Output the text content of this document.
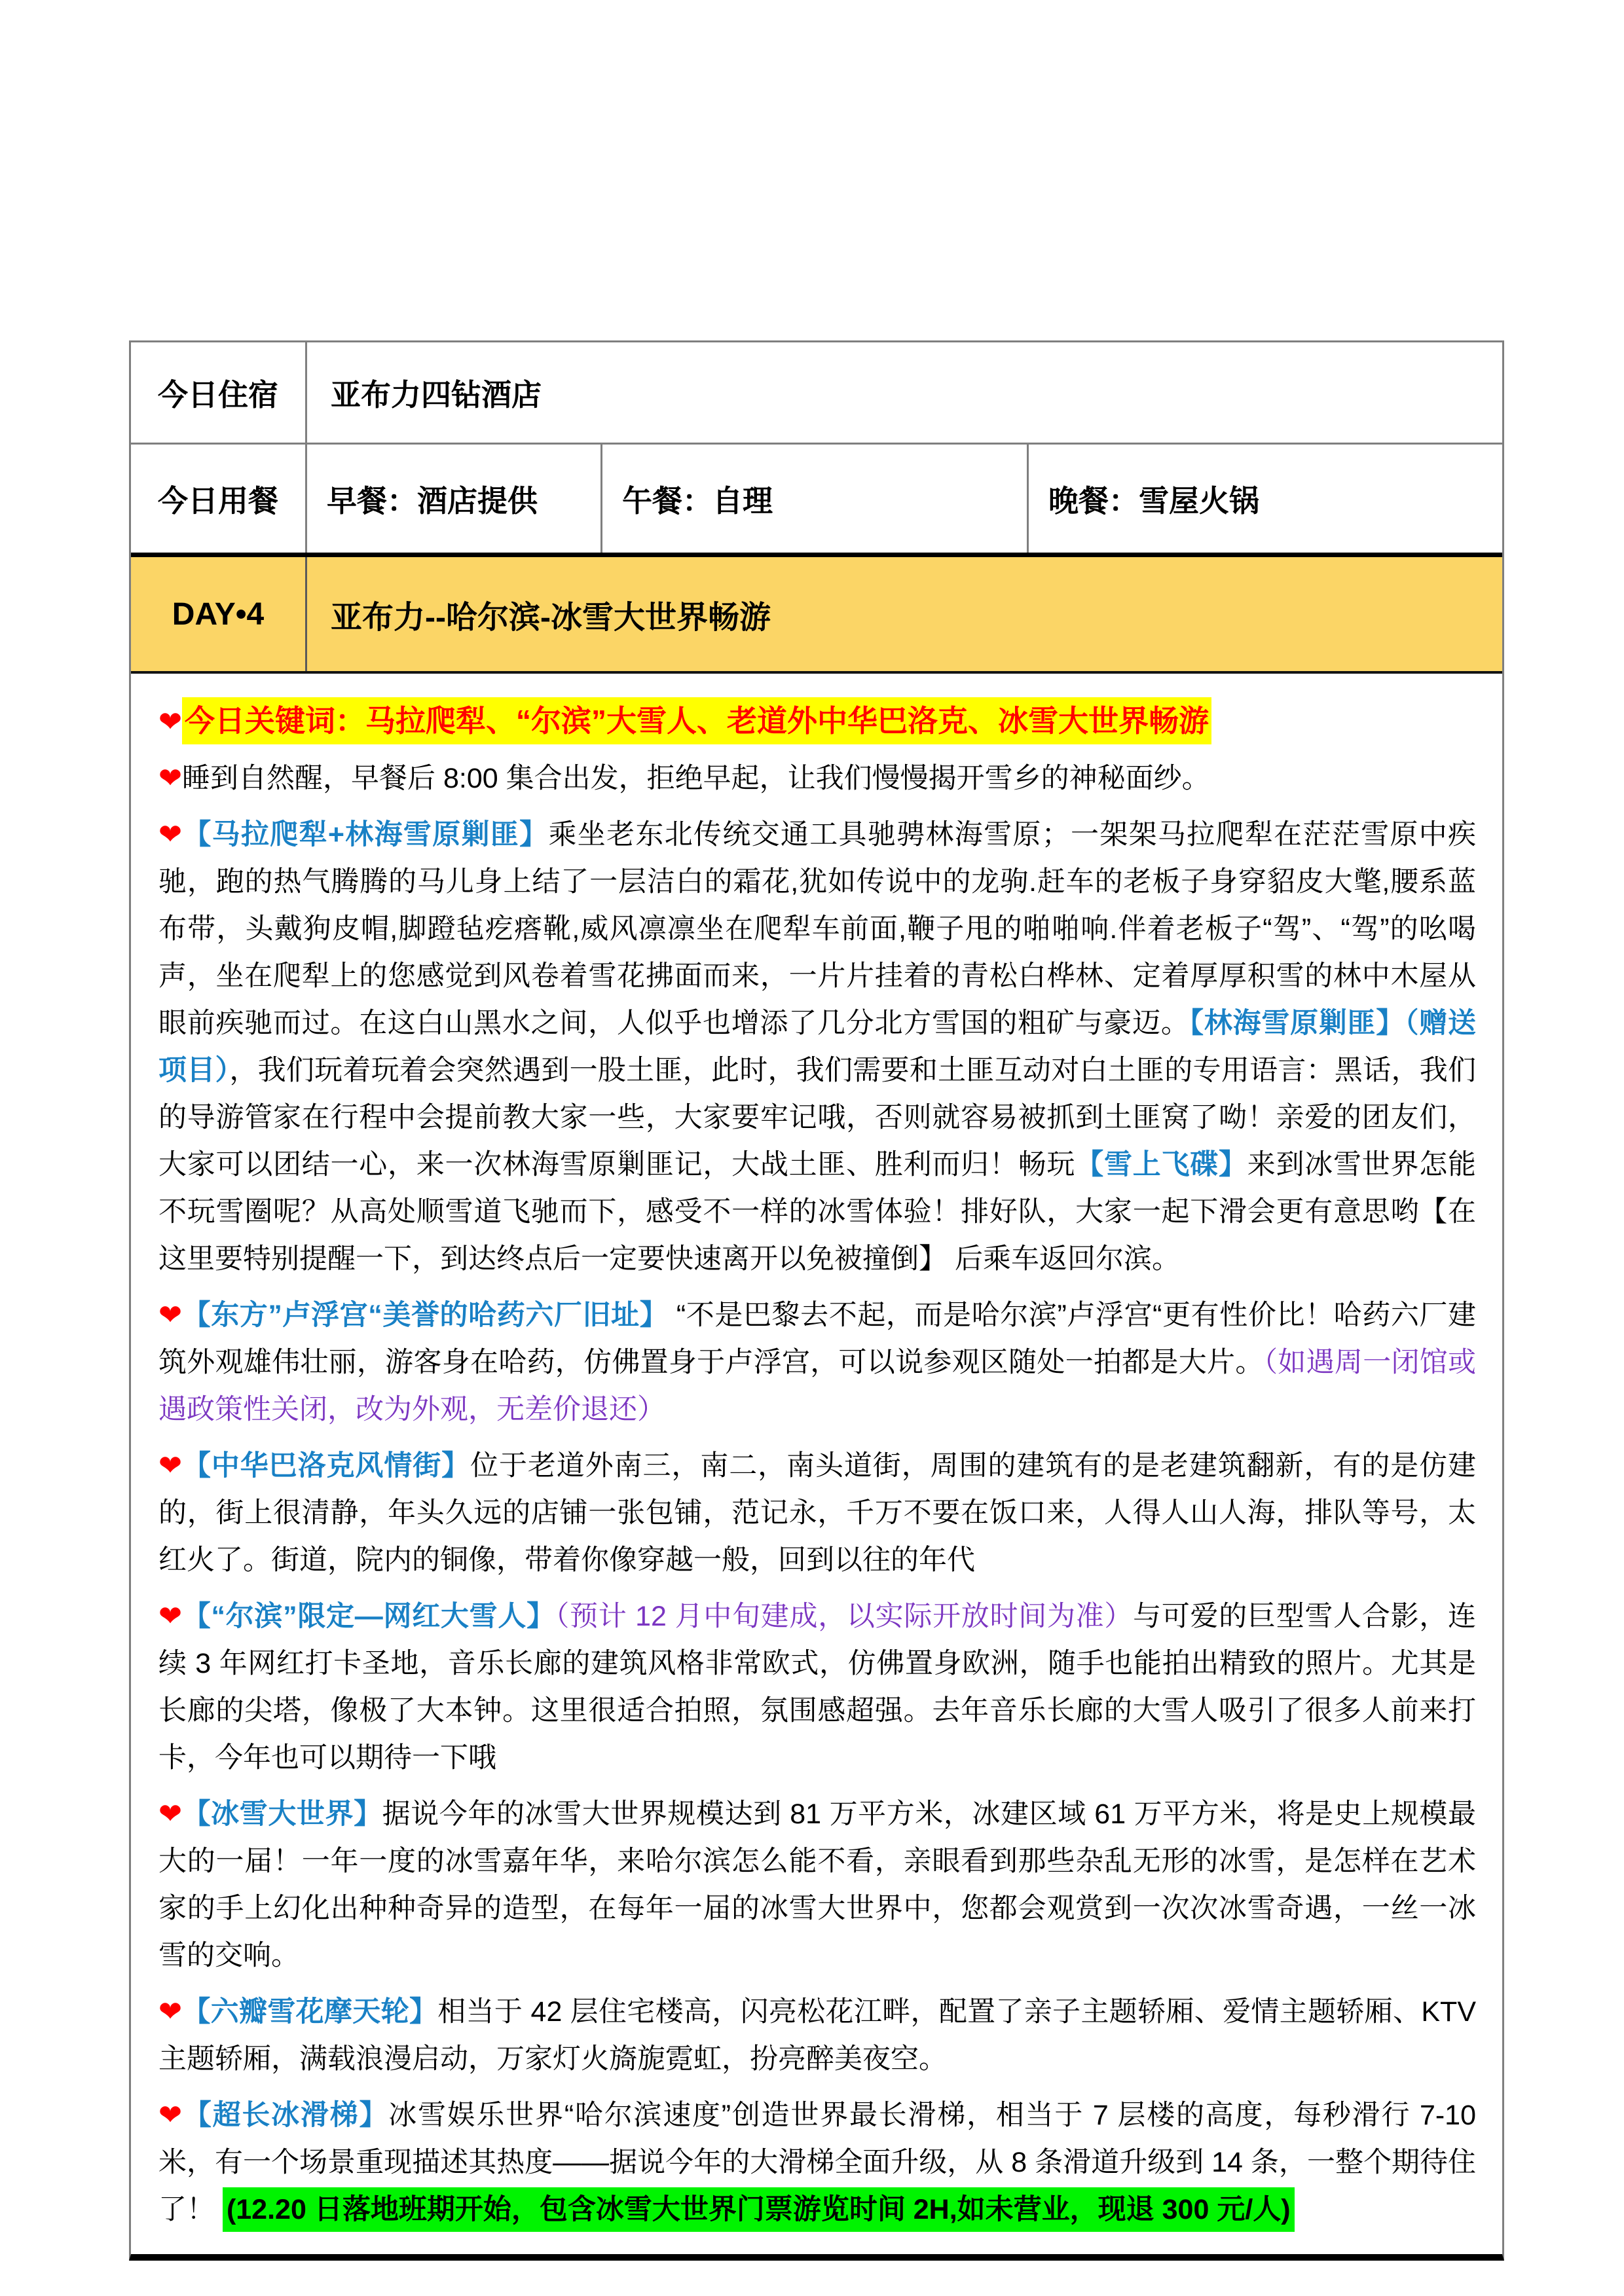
今日住宿	亚布力四钻酒店
今日用餐	早餐：酒店提供	午餐：自理	晚餐：雪屋火锅
DAY•4	亚布力--哈尔滨-冰雪大世界畅游

❤今日关键词：马拉爬犁、“尔滨”大雪人、老道外中华巴洛克、冰雪大世界畅游

❤睡到自然醒，早餐后 8:00 集合出发，拒绝早起，让我们慢慢揭开雪乡的神秘面纱。

❤【马拉爬犁+林海雪原剿匪】乘坐老东北传统交通工具驰骋林海雪原；一架架马拉爬犁在茫茫雪原中疾驰，跑的热气腾腾的马儿身上结了一层洁白的霜花,犹如传说中的龙驹.赶车的老板子身穿貂皮大氅,腰系蓝布带，头戴狗皮帽,脚蹬毡疙瘩靴,威风凛凛坐在爬犁车前面,鞭子甩的啪啪响.伴着老板子“驾”、“驾”的吆喝声，坐在爬犁上的您感觉到风卷着雪花拂面而来，一片片挂着的青松白桦林、定着厚厚积雪的林中木屋从眼前疾驰而过。在这白山黑水之间，人似乎也增添了几分北方雪国的粗矿与豪迈。【林海雪原剿匪】（赠送项目），我们玩着玩着会突然遇到一股土匪，此时，我们需要和土匪互动对白土匪的专用语言：黑话，我们的导游管家在行程中会提前教大家一些，大家要牢记哦，否则就容易被抓到土匪窝了呦！亲爱的团友们，大家可以团结一心，来一次林海雪原剿匪记，大战土匪、胜利而归！畅玩【雪上飞碟】来到冰雪世界怎能不玩雪圈呢？从高处顺雪道飞驰而下，感受不一样的冰雪体验！排好队，大家一起下滑会更有意思哟【在这里要特别提醒一下，到达终点后一定要快速离开以免被撞倒】 后乘车返回尔滨。

❤【东方”卢浮宫“美誉的哈药六厂旧址】 “不是巴黎去不起，而是哈尔滨”卢浮宫“更有性价比！哈药六厂建筑外观雄伟壮丽，游客身在哈药，仿佛置身于卢浮宫，可以说参观区随处一拍都是大片。（如遇周一闭馆或遇政策性关闭，改为外观，无差价退还）

❤【中华巴洛克风情街】位于老道外南三，南二，南头道街，周围的建筑有的是老建筑翻新，有的是仿建的，街上很清静，年头久远的店铺一张包铺，范记永，千万不要在饭口来，人得人山人海，排队等号，太红火了。街道，院内的铜像，带着你像穿越一般，回到以往的年代

❤【“尔滨”限定—网红大雪人】（预计 12 月中旬建成，以实际开放时间为准）与可爱的巨型雪人合影，连续 3 年网红打卡圣地，音乐长廊的建筑风格非常欧式，仿佛置身欧洲，随手也能拍出精致的照片。尤其是长廊的尖塔，像极了大本钟。这里很适合拍照，氛围感超强。去年音乐长廊的大雪人吸引了很多人前来打卡，今年也可以期待一下哦

❤【冰雪大世界】据说今年的冰雪大世界规模达到 81 万平方米，冰建区域 61 万平方米，将是史上规模最大的一届！一年一度的冰雪嘉年华，来哈尔滨怎么能不看，亲眼看到那些杂乱无形的冰雪，是怎样在艺术家的手上幻化出种种奇异的造型，在每年一届的冰雪大世界中，您都会观赏到一次次冰雪奇遇，一丝一冰雪的交响。

❤【六瓣雪花摩天轮】相当于 42 层住宅楼高，闪亮松花江畔，配置了亲子主题轿厢、爱情主题轿厢、KTV 主题轿厢，满载浪漫启动，万家灯火旖旎霓虹，扮亮醉美夜空。

❤【超长冰滑梯】冰雪娱乐世界“哈尔滨速度”创造世界最长滑梯，相当于 7 层楼的高度，每秒滑行 7-10 米，有一个场景重现描述其热度——据说今年的大滑梯全面升级，从 8 条滑道升级到 14 条，一整个期待住了！ (12.20 日落地班期开始，包含冰雪大世界门票游览时间 2H,如未营业，现退 300 元/人)
